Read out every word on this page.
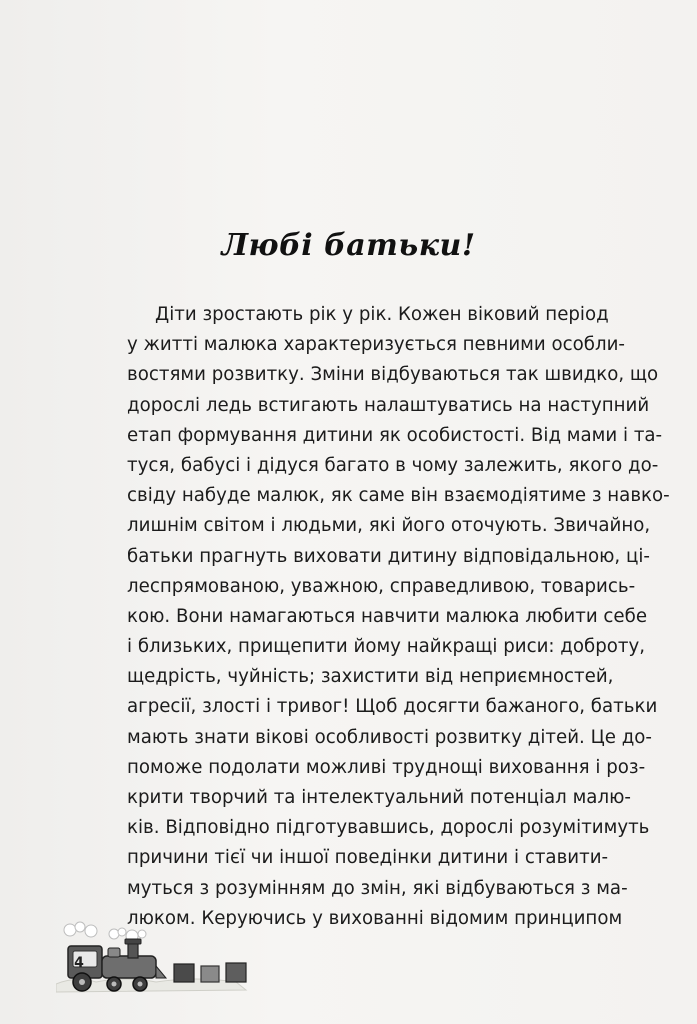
Любі батьки!
Діти зростають рік у рік. Кожен віковий період
у житті малюка характеризується певними особли-
востями розвитку. Зміни відбуваються так швидко, що
дорослі ледь встигають налаштуватись на наступний
етап формування дитини як особистості. Від мами і та-
туся, бабусі і дідуся багато в чому залежить, якого до-
свіду набуде малюк, як саме він взаємодіятиме з навко-
лишнім світом і людьми, які його оточують. Звичайно,
батьки прагнуть виховати дитину відповідальною, ці-
леспрямованою, уважною, справедливою, товарись-
кою. Вони намагаються навчити малюка любити себе
і близьких, прищепити йому найкращі риси: доброту,
щедрість, чуйність; захистити від неприємностей,
агресії, злості і тривог! Щоб досягти бажаного, батьки
мають знати вікові особливості розвитку дітей. Це до-
поможе подолати можливі труднощі виховання і роз-
крити творчий та інтелектуальний потенціал малю-
ків. Відповідно підготувавшись, дорослі розумітимуть
причини тієї чи іншої поведінки дитини і ставити-
муться з розумінням до змін, які відбуваються з ма-
люком. Керуючись у вихованні відомим принципом
4
